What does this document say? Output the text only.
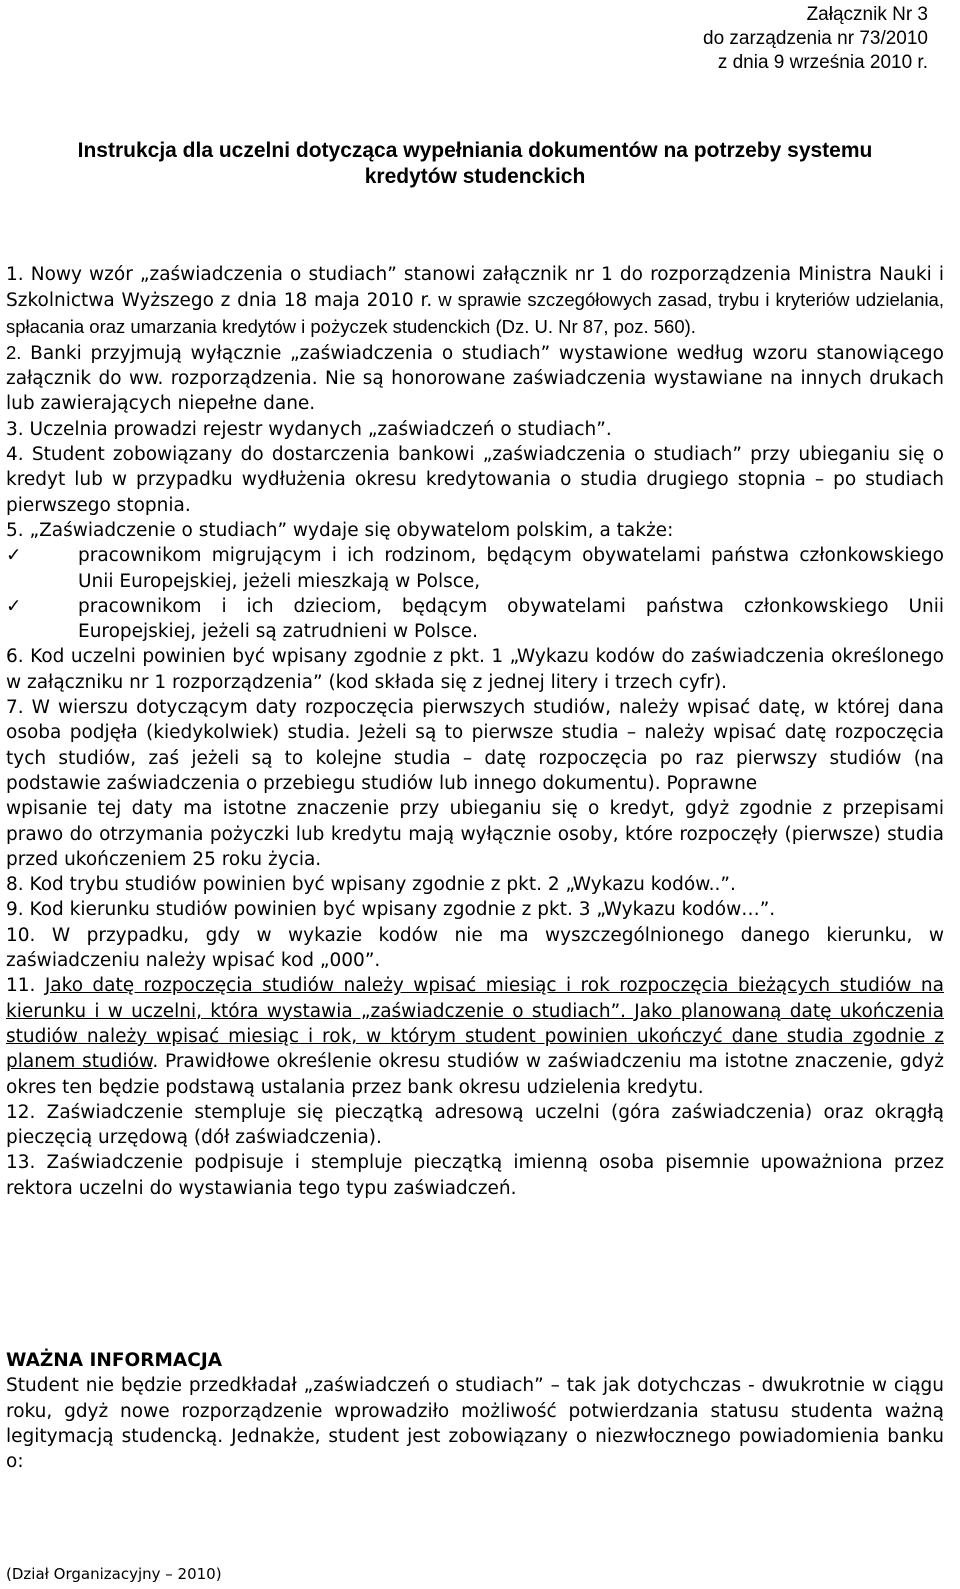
Załącznik Nr 3
do zarządzenia nr 73/2010
z dnia 9 września 2010 r.
Instrukcja dla uczelni dotycząca wypełniania dokumentów na potrzeby systemu
kredytów studenckich

1. Nowy wzór „zaświadczenia o studiach” stanowi załącznik nr 1 do rozporządzenia Ministra Nauki i Szkolnictwa Wyższego z dnia 18 maja 2010 r. w sprawie szczegółowych zasad, trybu i kryteriów udzielania, spłacania oraz umarzania kredytów i pożyczek studenckich (Dz. U. Nr 87, poz. 560).

2. Banki przyjmują wyłącznie „zaświadczenia o studiach” wystawione według wzoru stanowiącego załącznik do ww. rozporządzenia. Nie są honorowane zaświadczenia wystawiane na innych drukach lub zawierających niepełne dane.

3. Uczelnia prowadzi rejestr wydanych „zaświadczeń o studiach”.

4. Student zobowiązany do dostarczenia bankowi „zaświadczenia o studiach” przy ubieganiu się o kredyt lub w przypadku wydłużenia okresu kredytowania o studia drugiego stopnia – po studiach pierwszego stopnia.

5. „Zaświadczenie o studiach” wydaje się obywatelom polskim, a także:

✓	pracownikom migrującym i ich rodzinom, będącym obywatelami państwa członkowskiego Unii Europejskiej, jeżeli mieszkają w Polsce,
✓	pracownikom i ich dzieciom, będącym obywatelami państwa członkowskiego Unii Europejskiej, jeżeli są zatrudnieni w Polsce.

6. Kod uczelni powinien być wpisany zgodnie z pkt. 1 „Wykazu kodów do zaświadczenia określonego w załączniku nr 1 rozporządzenia” (kod składa się z jednej litery i trzech cyfr).

7. W wierszu dotyczącym daty rozpoczęcia pierwszych studiów, należy wpisać datę, w której dana osoba podjęła (kiedykolwiek) studia. Jeżeli są to pierwsze studia – należy wpisać datę rozpoczęcia tych studiów, zaś jeżeli są to kolejne studia – datę rozpoczęcia po raz pierwszy studiów (na podstawie zaświadczenia o przebiegu studiów lub innego dokumentu). Poprawne

wpisanie tej daty ma istotne znaczenie przy ubieganiu się o kredyt, gdyż zgodnie z przepisami prawo do otrzymania pożyczki lub kredytu mają wyłącznie osoby, które rozpoczęły (pierwsze) studia przed ukończeniem 25 roku życia.

8. Kod trybu studiów powinien być wpisany zgodnie z pkt. 2 „Wykazu kodów..”.

9. Kod kierunku studiów powinien być wpisany zgodnie z pkt. 3 „Wykazu kodów…”.

10. W przypadku, gdy w wykazie kodów nie ma wyszczególnionego danego kierunku, w zaświadczeniu należy wpisać kod „000”.

11. Jako datę rozpoczęcia studiów należy wpisać miesiąc i rok rozpoczęcia bieżących studiów na kierunku i w uczelni, która wystawia „zaświadczenie o studiach”. Jako planowaną datę ukończenia studiów należy wpisać miesiąc i rok, w którym student powinien ukończyć dane studia zgodnie z planem studiów. Prawidłowe określenie okresu studiów w zaświadczeniu ma istotne znaczenie, gdyż okres ten będzie podstawą ustalania przez bank okresu udzielenia kredytu.

12. Zaświadczenie stempluje się pieczątką adresową uczelni (góra zaświadczenia) oraz okrągłą pieczęcią urzędową (dół zaświadczenia).

13. Zaświadczenie podpisuje i stempluje pieczątką imienną osoba pisemnie upoważniona przez rektora uczelni do wystawiania tego typu zaświadczeń.

WAŻNA INFORMACJA

Student nie będzie przedkładał „zaświadczeń o studiach” – tak jak dotychczas - dwukrotnie w ciągu roku, gdyż nowe rozporządzenie wprowadziło możliwość potwierdzania statusu studenta ważną legitymacją studencką. Jednakże, student jest zobowiązany o niezwłocznego powiadomienia banku o:

(Dział Organizacyjny – 2010)
